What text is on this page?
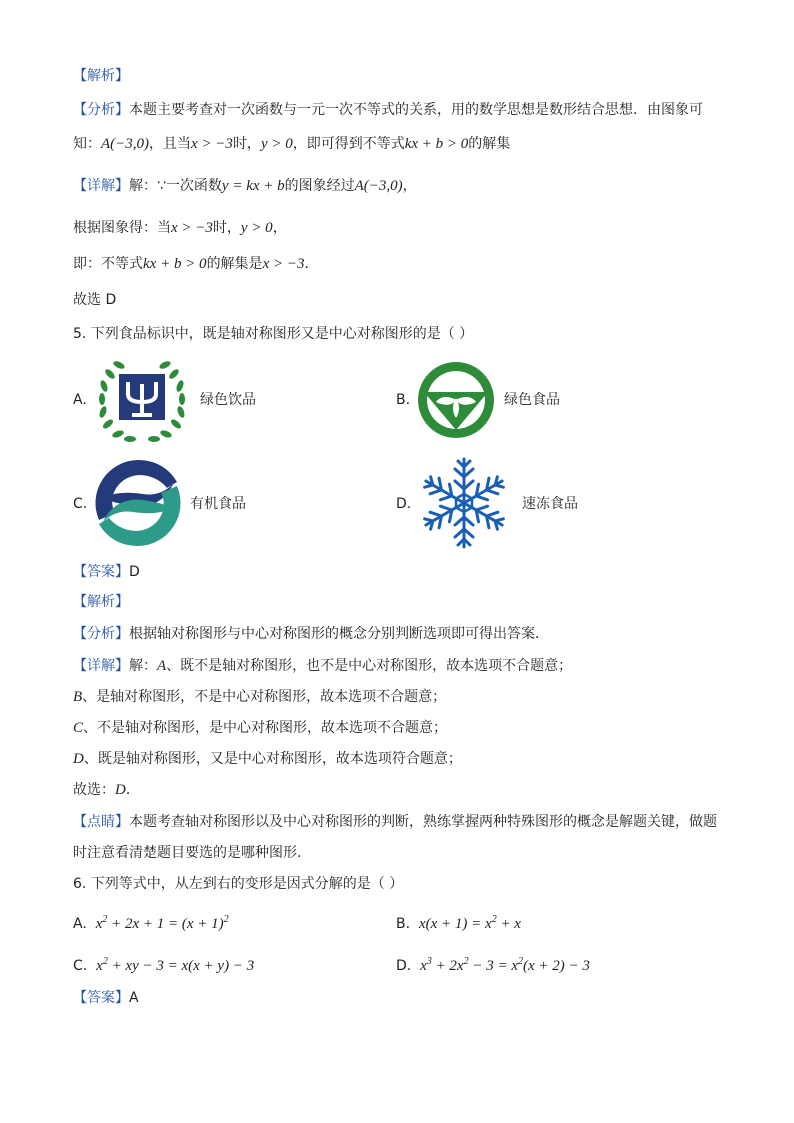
【解析】
【分析】本题主要考查对一次函数与一元一次不等式的关系，用的数学思想是数形结合思想．由图象可
知：A(−3,0)，且当x > −3时，y > 0，即可得到不等式kx + b > 0的解集
【详解】解：∵一次函数y = kx + b的图象经过A(−3,0)，
根据图象得：当x > −3时，y > 0，
即：不等式kx + b > 0的解集是x > −3．
故选 D
5. 下列食品标识中，既是轴对称图形又是中心对称图形的是（ ）
A.	绿色饮品	B.	绿色食品
C.	有机食品	D.	速冻食品
【答案】D
【解析】
【分析】根据轴对称图形与中心对称图形的概念分别判断选项即可得出答案．
【详解】解：A、既不是轴对称图形，也不是中心对称图形，故本选项不合题意；
B、是轴对称图形，不是中心对称图形，故本选项不合题意；
C、不是轴对称图形，是中心对称图形，故本选项不合题意；
D、既是轴对称图形，又是中心对称图形，故本选项符合题意；
故选：D．
【点睛】本题考查轴对称图形以及中心对称图形的判断，熟练掌握两种特殊图形的概念是解题关键，做题
时注意看清楚题目要选的是哪种图形.
6. 下列等式中，从左到右的变形是因式分解的是（ ）
A. $x^2 + 2x + 1 = (x + 1)^2$	B. $x(x + 1) = x^2 + x$
C. $x^2$ + xy − 3 = x(x + y) − 3	D. $x^3 + 2x^2 - 3 = x^2(x + 2) - 3$
【答案】A
